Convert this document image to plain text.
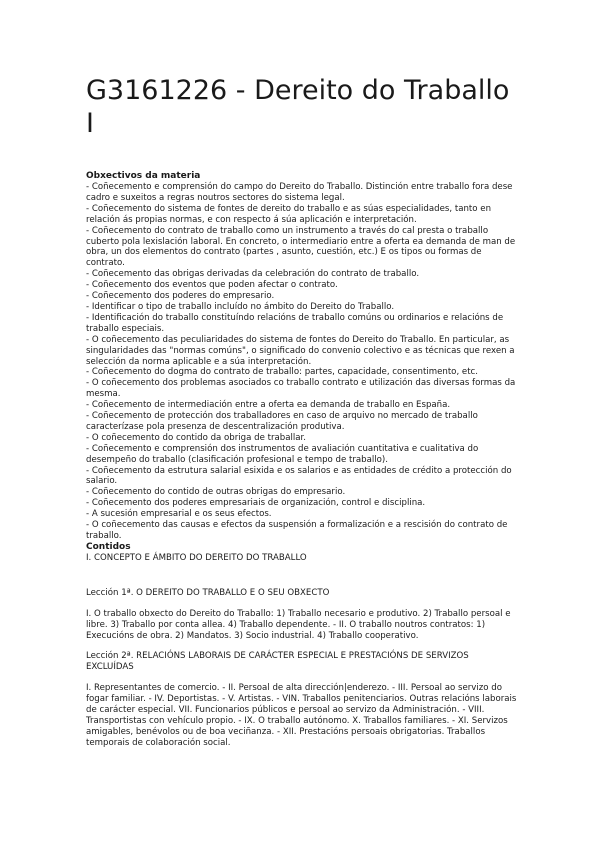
G3161226 - Dereito do Traballo I

Obxectivos da materia

- Coñecemento e comprensión do campo do Dereito do Traballo. Distinción entre traballo fora dese cadro e suxeitos a regras noutros sectores do sistema legal.
- Coñecemento do sistema de fontes de dereito do traballo e as súas especialidades, tanto en relación ás propias normas, e con respecto á súa aplicación e interpretación.
- Coñecemento do contrato de traballo como un instrumento a través do cal presta o traballo cuberto pola lexislación laboral. En concreto, o intermediario entre a oferta ea demanda de man de obra, un dos elementos do contrato (partes , asunto, cuestión, etc.) E os tipos ou formas de contrato.
- Coñecemento das obrigas derivadas da celebración do contrato de traballo.
- Coñecemento dos eventos que poden afectar o contrato.
- Coñecemento dos poderes do empresario.
- Identificar o tipo de traballo incluído no ámbito do Dereito do Traballo.
- Identificación do traballo constituíndo relacións de traballo comúns ou ordinarios e relacións de traballo especiais.
- O coñecemento das peculiaridades do sistema de fontes do Dereito do Traballo. En particular, as singularidades das "normas comúns", o significado do convenio colectivo e as técnicas que rexen a selección da norma aplicable e a súa interpretación.
- Coñecemento do dogma do contrato de traballo: partes, capacidade, consentimento, etc.
- O coñecemento dos problemas asociados co traballo contrato e utilización das diversas formas da mesma.
- Coñecemento de intermediación entre a oferta ea demanda de traballo en España.
- Coñecemento de protección dos traballadores en caso de arquivo no mercado de traballo caracterízase pola presenza de descentralización produtiva.
- O coñecemento do contido da obriga de traballar.
- Coñecemento e comprensión dos instrumentos de avaliación cuantitativa e cualitativa do desempeño do traballo (clasificación profesional e tempo de traballo).
- Coñecemento da estrutura salarial esixida e os salarios e as entidades de crédito a protección do salario.
- Coñecemento do contido de outras obrigas do empresario.
- Coñecemento dos poderes empresariais de organización, control e disciplina.
- A sucesión empresarial e os seus efectos.
- O coñecemento das causas e efectos da suspensión a formalización e a rescisión do contrato de traballo.

Contidos

I. CONCEPTO E ÁMBITO DO DEREITO DO TRABALLO

Lección 1ª. O DEREITO DO TRABALLO E O SEU OBXECTO

I. O traballo obxecto do Dereito do Traballo: 1) Traballo necesario e produtivo. 2) Traballo persoal e libre. 3) Traballo por conta allea. 4) Traballo dependente. - II. O traballo noutros contratos: 1) Execucións de obra. 2) Mandatos. 3) Socio industrial. 4) Traballo cooperativo.

Lección 2ª. RELACIÓNS LABORAIS DE CARÁCTER ESPECIAL E PRESTACIÓNS DE SERVIZOS EXCLUÍDAS

I. Representantes de comercio. - II. Persoal de alta dirección|enderezo. - III. Persoal ao servizo do fogar familiar. - IV. Deportistas. - V. Artistas. - VIN. Traballos penitenciarios. Outras relacións laborais de carácter especial. VII. Funcionarios públicos e persoal ao servizo da Administración. - VIII. Transportistas con vehículo propio. - IX. O traballo autónomo. X. Traballos familiares. - XI. Servizos amigables, benévolos ou de boa veciñanza. - XII. Prestacións persoais obrigatorias. Traballos temporais de colaboración social.
